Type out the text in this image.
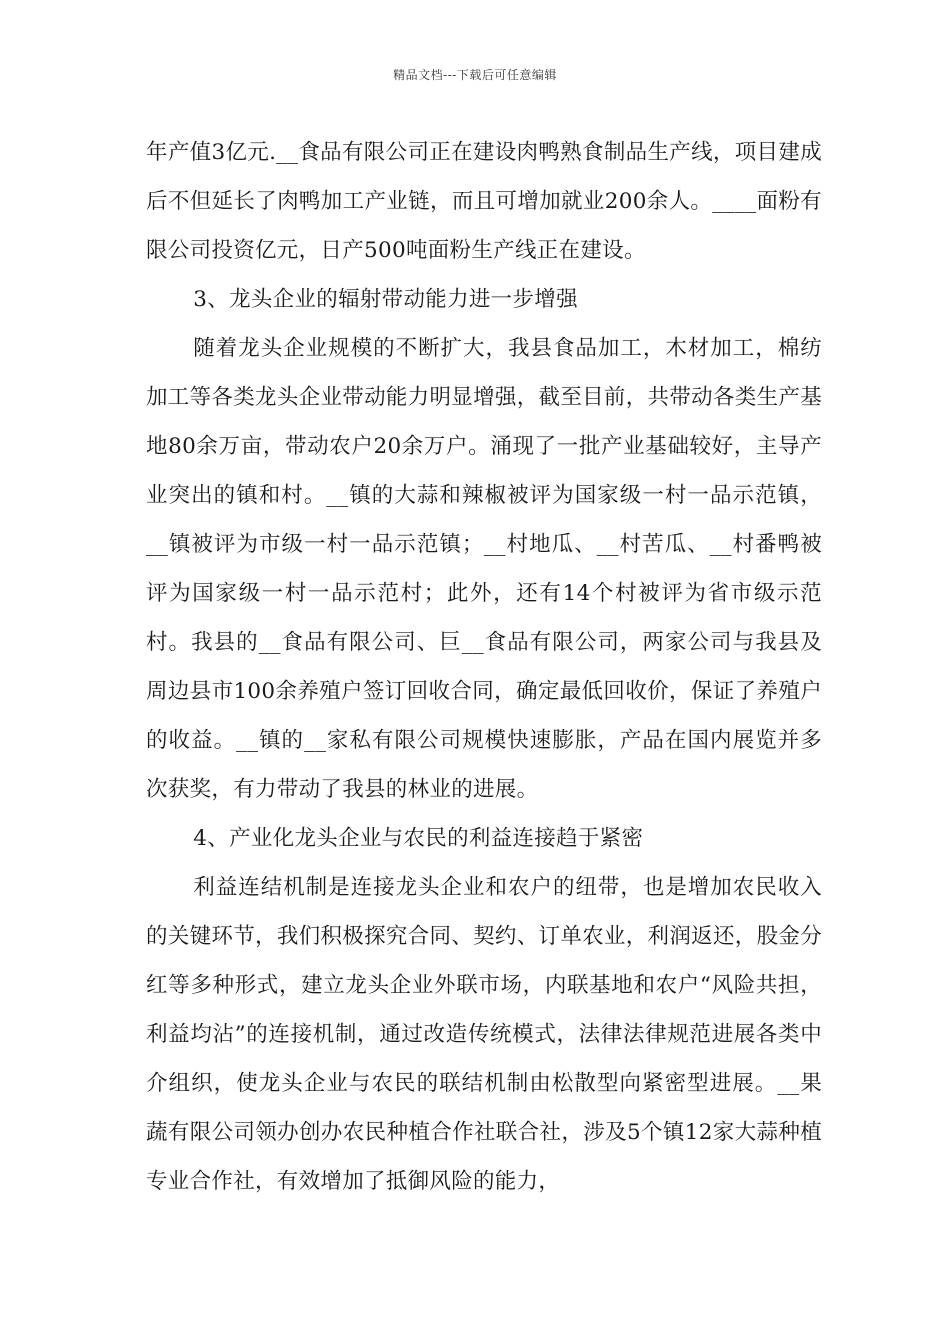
精品文档---下载后可任意编辑

年产值3亿元.__食品有限公司正在建设肉鸭熟食制品生产线，项目建成后不但延长了肉鸭加工产业链，而且可增加就业200余人。____面粉有限公司投资亿元，日产500吨面粉生产线正在建设。

3、龙头企业的辐射带动能力进一步增强

随着龙头企业规模的不断扩大，我县食品加工，木材加工，棉纺加工等各类龙头企业带动能力明显增强，截至目前，共带动各类生产基地80余万亩，带动农户20余万户。涌现了一批产业基础较好，主导产业突出的镇和村。__镇的大蒜和辣椒被评为国家级一村一品示范镇，__镇被评为市级一村一品示范镇；__村地瓜、__村苦瓜、__村番鸭被评为国家级一村一品示范村；此外，还有14个村被评为省市级示范村。我县的__食品有限公司、巨__食品有限公司，两家公司与我县及周边县市100余养殖户签订回收合同，确定最低回收价，保证了养殖户的收益。__镇的__家私有限公司规模快速膨胀，产品在国内展览并多次获奖，有力带动了我县的林业的进展。

4、产业化龙头企业与农民的利益连接趋于紧密

利益连结机制是连接龙头企业和农户的纽带，也是增加农民收入的关键环节，我们积极探究合同、契约、订单农业，利润返还，股金分红等多种形式，建立龙头企业外联市场，内联基地和农户“风险共担，利益均沾”的连接机制，通过改造传统模式，法律法律规范进展各类中介组织，使龙头企业与农民的联结机制由松散型向紧密型进展。__果蔬有限公司领办创办农民种植合作社联合社，涉及5个镇12家大蒜种植专业合作社，有效增加了抵御风险的能力，
